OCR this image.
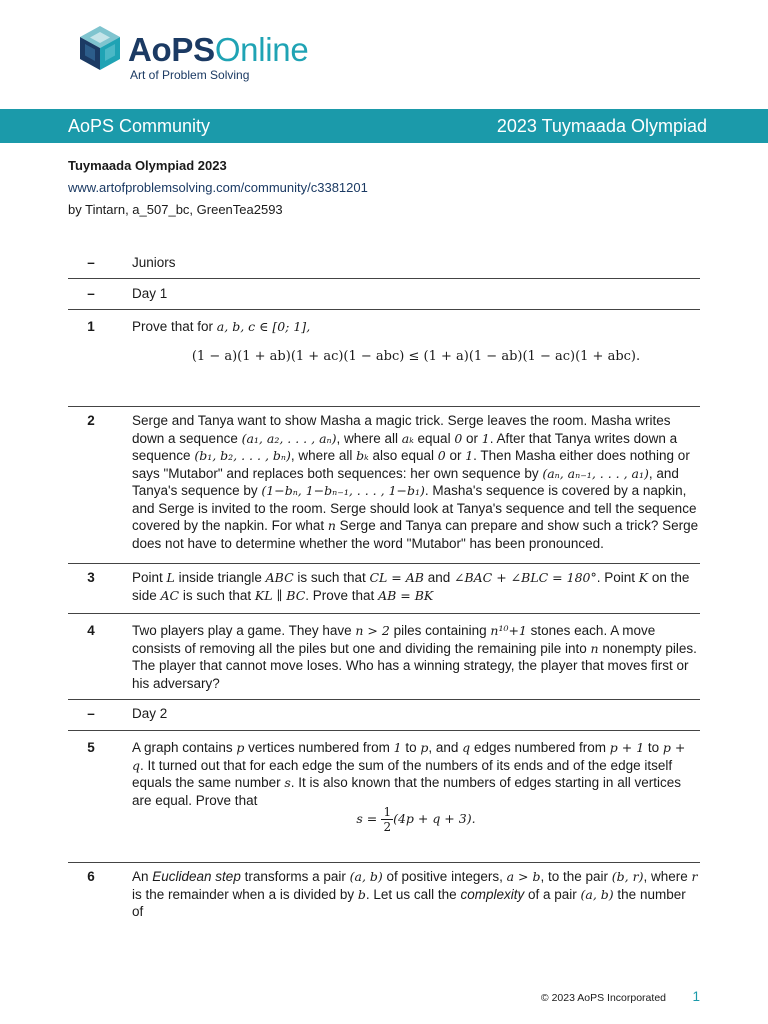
AoPSOnline
Art of Problem Solving
AoPS Community	2023 Tuymaada Olympiad
Tuymaada Olympiad 2023
www.artofproblemsolving.com/community/c3381201
by Tintarn, a_507_bc, GreenTea2593
–	Juniors
–	Day 1
1	Prove that for a, b, c ∈ [0; 1],
(1 − a)(1 + ab)(1 + ac)(1 − abc) ≤ (1 + a)(1 − ab)(1 − ac)(1 + abc).
2	Serge and Tanya want to show Masha a magic trick. Serge leaves the room. Masha writes down a sequence (a₁, a₂, . . . , aₙ), where all aₖ equal 0 or 1. After that Tanya writes down a sequence (b₁, b₂, . . . , bₙ), where all bₖ also equal 0 or 1. Then Masha either does nothing or says "Mutabor" and replaces both sequences: her own sequence by (aₙ, aₙ₋₁, . . . , a₁), and Tanya's sequence by (1−bₙ, 1−bₙ₋₁, . . . , 1−b₁). Masha's sequence is covered by a napkin, and Serge is invited to the room. Serge should look at Tanya's sequence and tell the sequence covered by the napkin. For what n Serge and Tanya can prepare and show such a trick? Serge does not have to determine whether the word "Mutabor" has been pronounced.
3	Point L inside triangle ABC is such that CL = AB and ∠BAC + ∠BLC = 180°. Point K on the side AC is such that KL ∥ BC. Prove that AB = BK
4	Two players play a game. They have n > 2 piles containing n¹⁰+1 stones each. A move consists of removing all the piles but one and dividing the remaining pile into n nonempty piles. The player that cannot move loses. Who has a winning strategy, the player that moves first or his adversary?
–	Day 2
5	A graph contains p vertices numbered from 1 to p, and q edges numbered from p + 1 to p + q. It turned out that for each edge the sum of the numbers of its ends and of the edge itself equals the same number s. It is also known that the numbers of edges starting in all vertices are equal. Prove that
$s = \frac{1}{2} (4p + q + 3)$.
6	An Euclidean step transforms a pair (a, b) of positive integers, a > b, to the pair (b, r), where r is the remainder when a is divided by b. Let us call the complexity of a pair (a, b) the number of
© 2023 AoPS Incorporated 1
